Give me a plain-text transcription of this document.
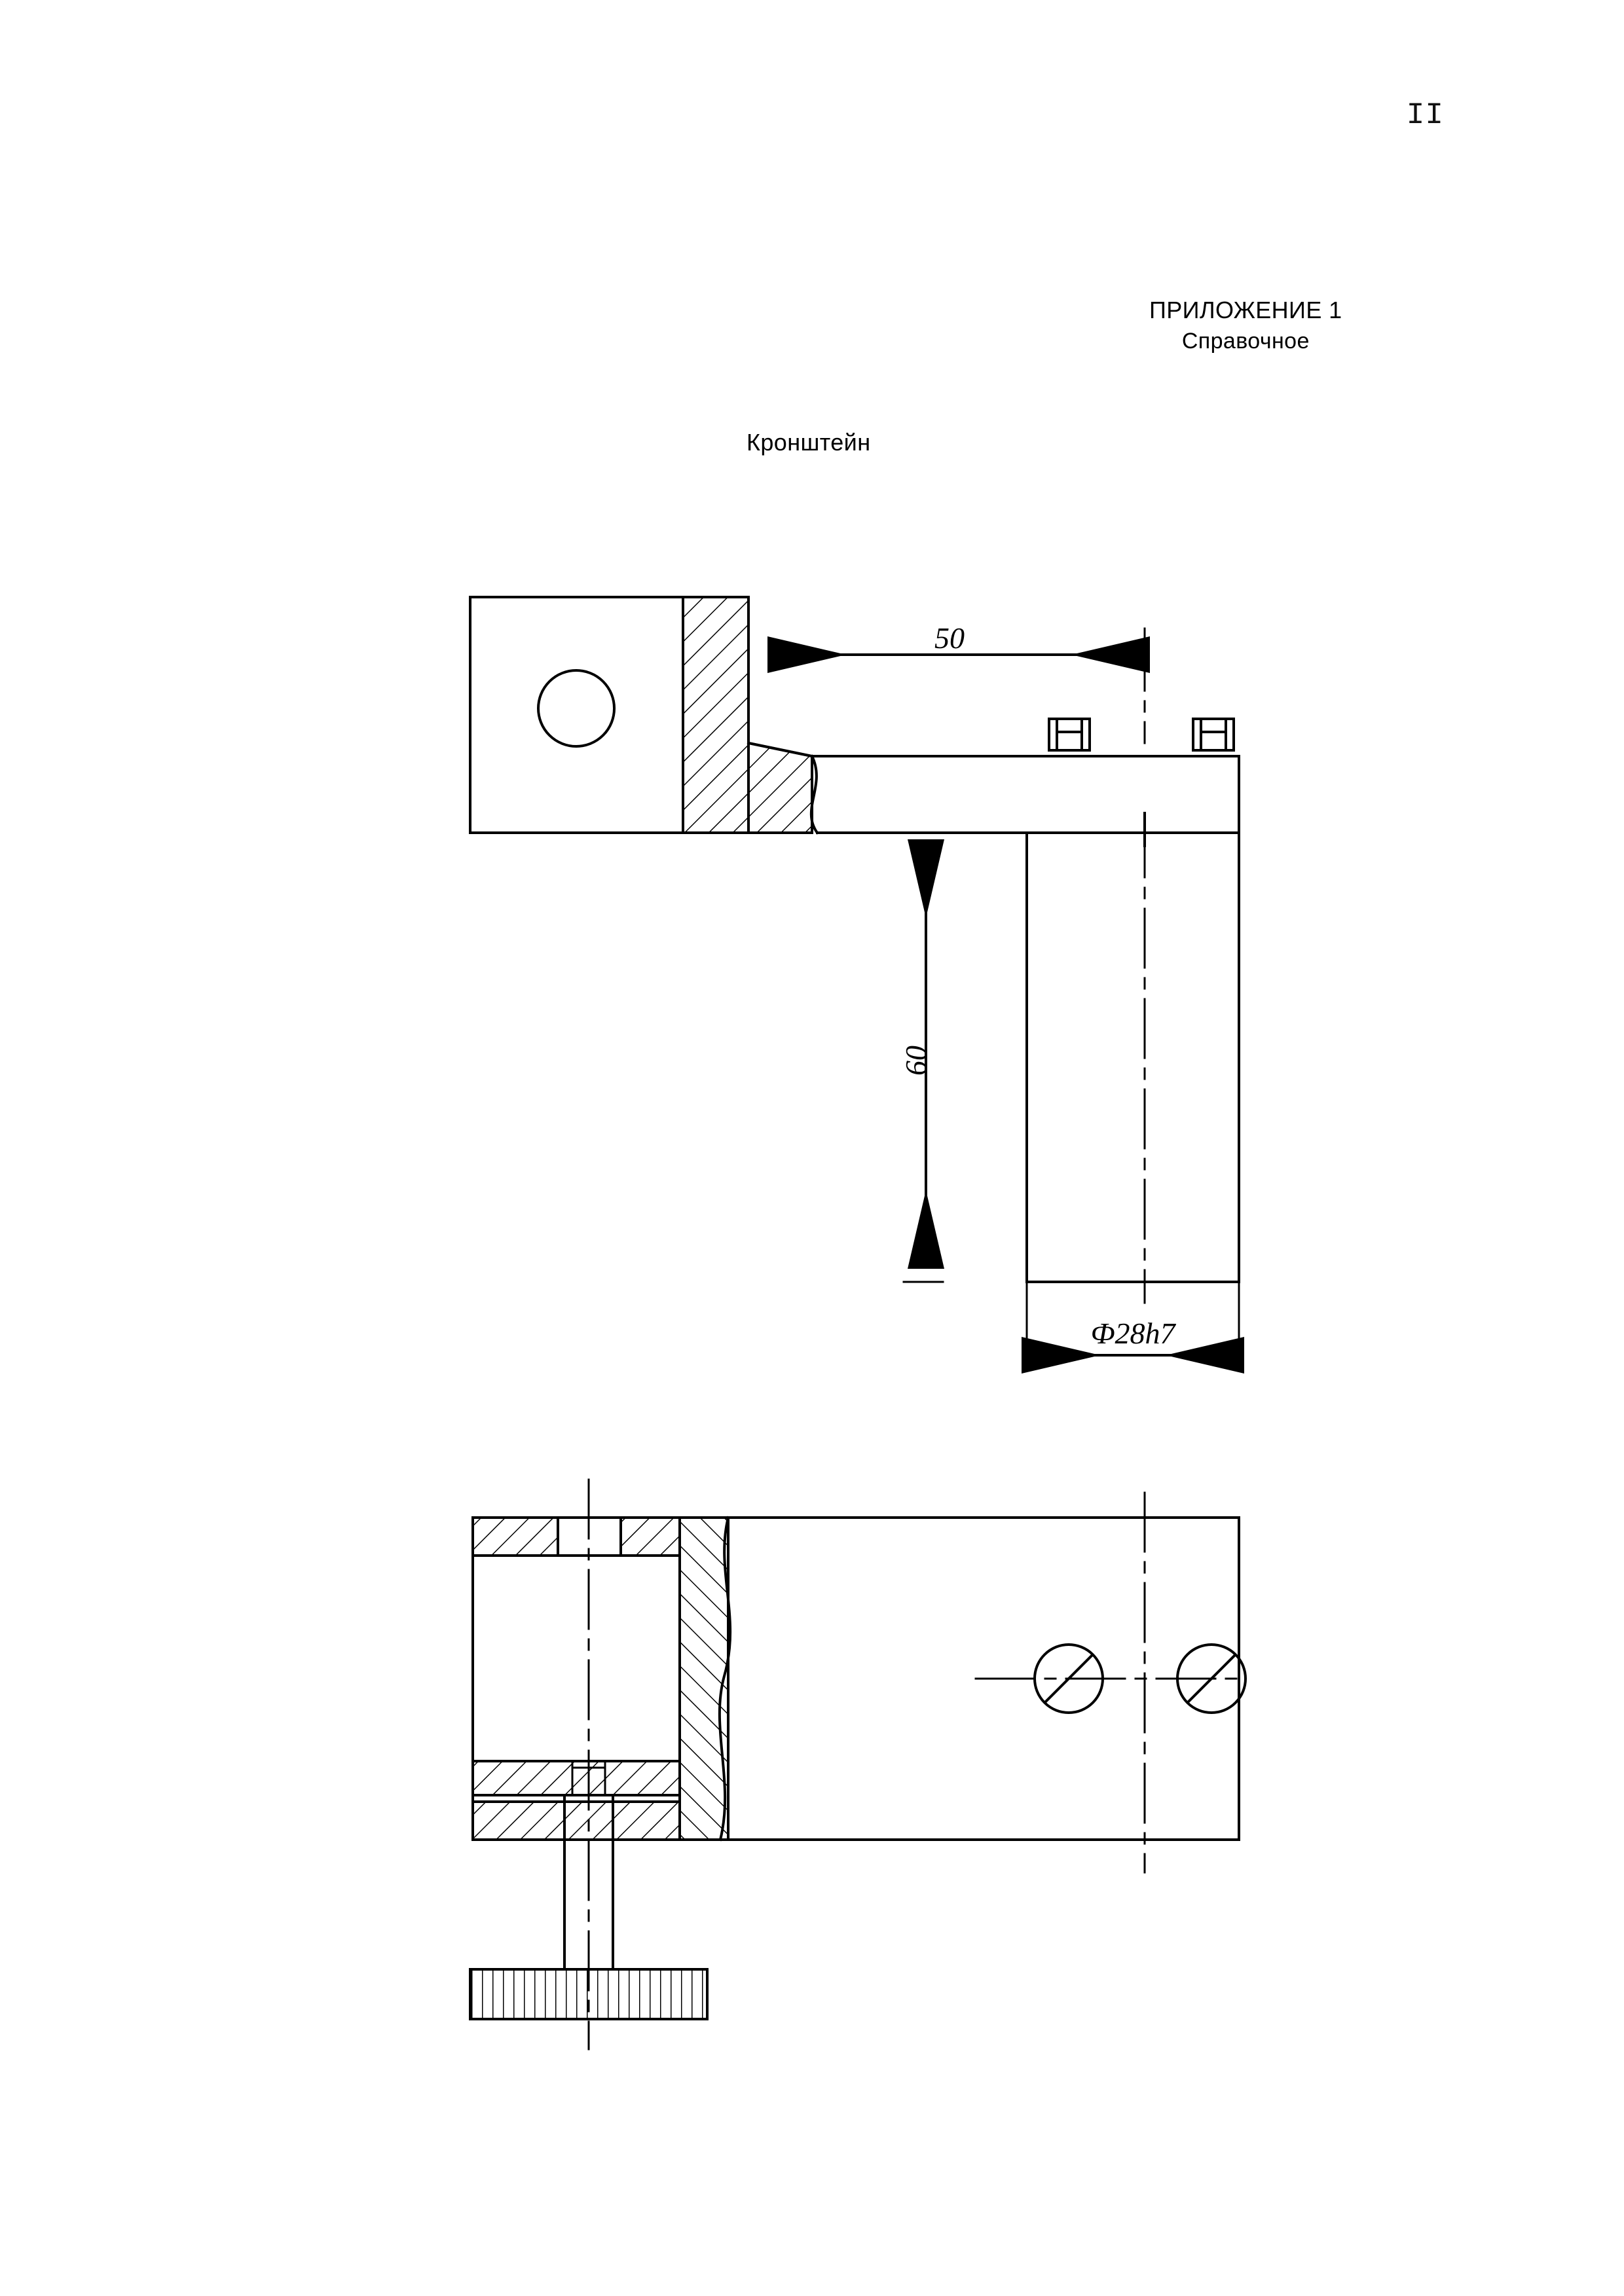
II
ПРИЛОЖЕНИЕ 1
Справочное
Кронштейн
50
60
Ф28h7
